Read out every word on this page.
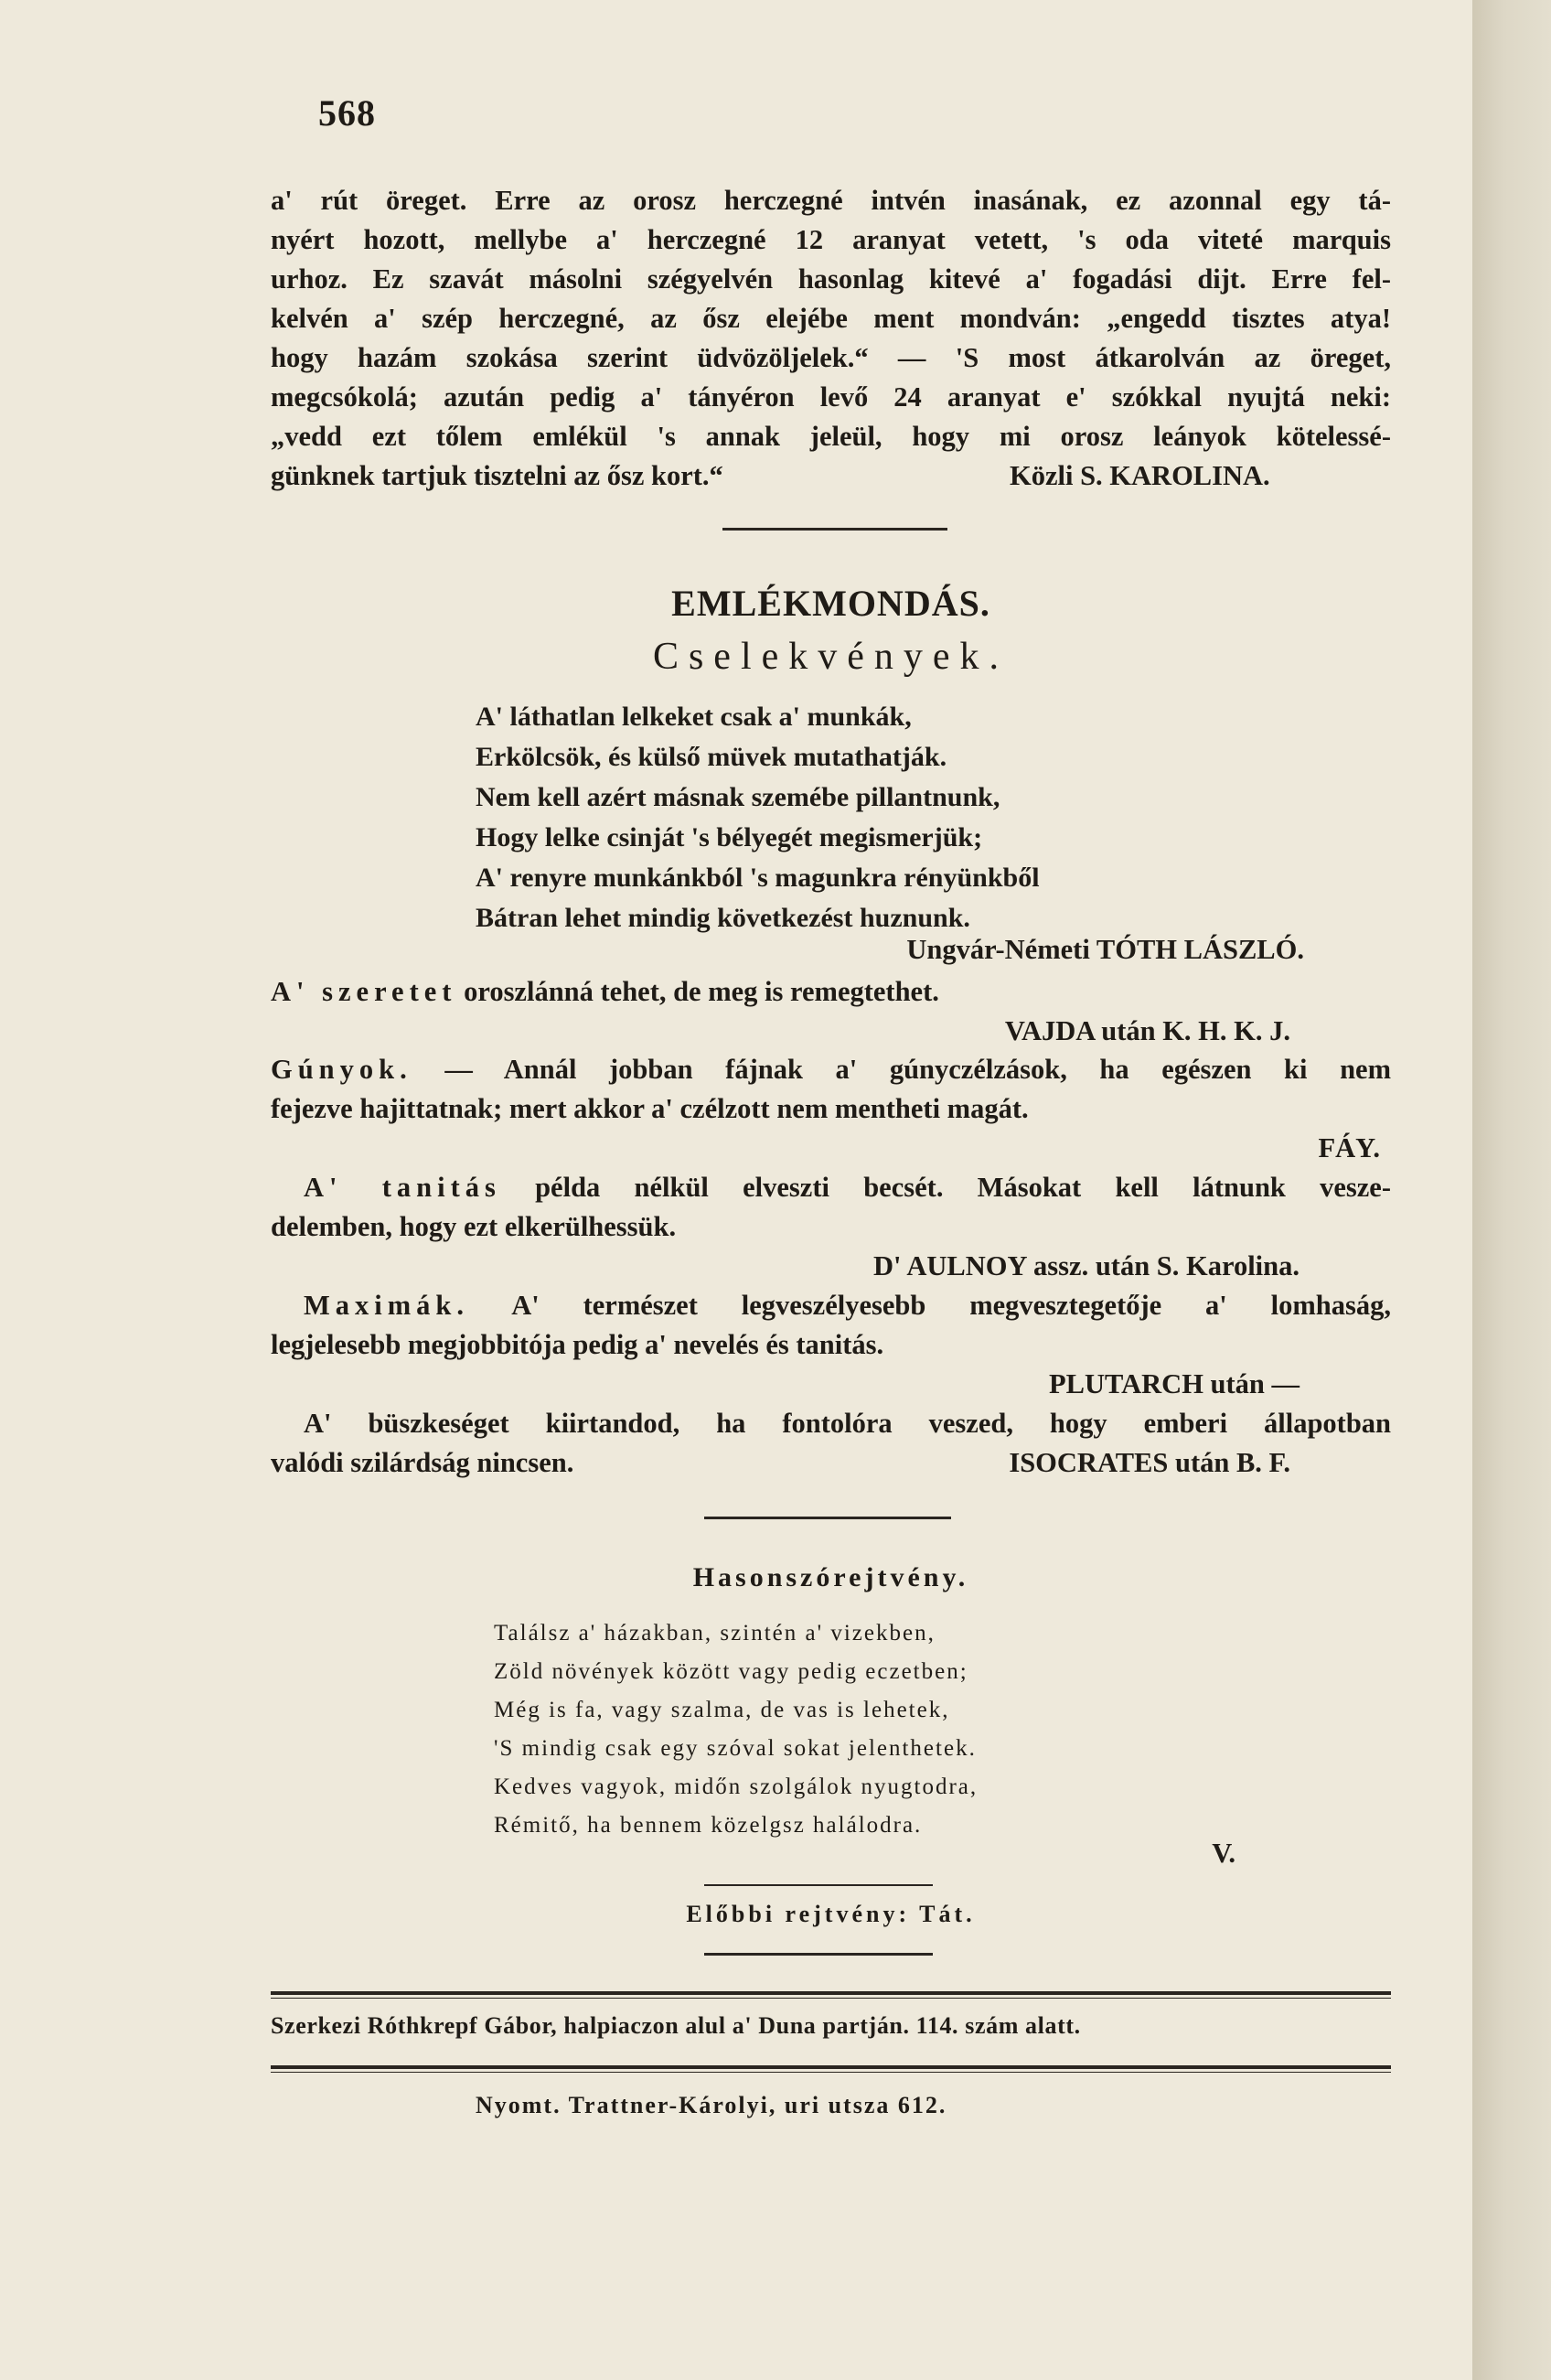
568

a' rút öreget. Erre az orosz herczegné intvén inasának, ez azonnal egy tá-
nyért hozott, mellybe a' herczegné 12 aranyat vetett, 's oda viteté marquis
urhoz. Ez szavát másolni szégyelvén hasonlag kitevé a' fogadási dijt. Erre fel-
kelvén a' szép herczegné, az ősz elejébe ment mondván: „engedd tisztes atya!
hogy hazám szokása szerint üdvözöljelek.“ — 'S most átkarolván az öreget,
megcsókolá; azután pedig a' tányéron levő 24 aranyat e' szókkal nyujtá neki:
„vedd ezt tőlem emlékül 's annak jeleül, hogy mi orosz leányok kötelessé-
günknek tartjuk tisztelni az ősz kort.“	Közli S. KAROLINA.

EMLÉKMONDÁS.
Cselekvények.
A' láthatlan lelkeket csak a' munkák,
Erkölcsök, és külső müvek mutathatják.
Nem kell azért másnak szemébe pillantnunk,
Hogy lelke csinját 's bélyegét megismerjük;
A' renyre munkánkból 's magunkra rényünkből
Bátran lehet mindig következést huznunk.

Ungvár-Németi TÓTH LÁSZLÓ.

A' szeretet oroszlánná tehet, de meg is remegtethet.

VAJDA után K. H. K. J.

Gúnyok. — Annál jobban fájnak a' gúnyczélzások, ha egészen ki nem
fejezve hajittatnak; mert akkor a' czélzott nem mentheti magát.

FÁY.

A' tanitás példa nélkül elveszti becsét. Másokat kell látnunk vesze-
delemben, hogy ezt elkerülhessük.

D' AULNOY assz. után S. Karolina.

Maximák. A' természet legveszélyesebb megvesztegetője a' lomhaság,
legjelesebb megjobbitója pedig a' nevelés és tanitás.

PLUTARCH után —

A' büszkeséget kiirtandod, ha fontolóra veszed, hogy emberi állapotban
valódi szilárdság nincsen.	ISOCRATES után B. F.

Hasonszórejtvény.
Találsz a' házakban, szintén a' vizekben,
Zöld növények között vagy pedig eczetben;
Még is fa, vagy szalma, de vas is lehetek,
'S mindig csak egy szóval sokat jelenthetek.
Kedves vagyok, midőn szolgálok nyugtodra,
Rémitő, ha bennem közelgsz halálodra.

V.

Előbbi rejtvény: Tát.
Szerkezi Róthkrepf Gábor, halpiaczon alul a' Duna partján. 114. szám alatt.
Nyomt. Trattner-Károlyi, uri utsza 612.
